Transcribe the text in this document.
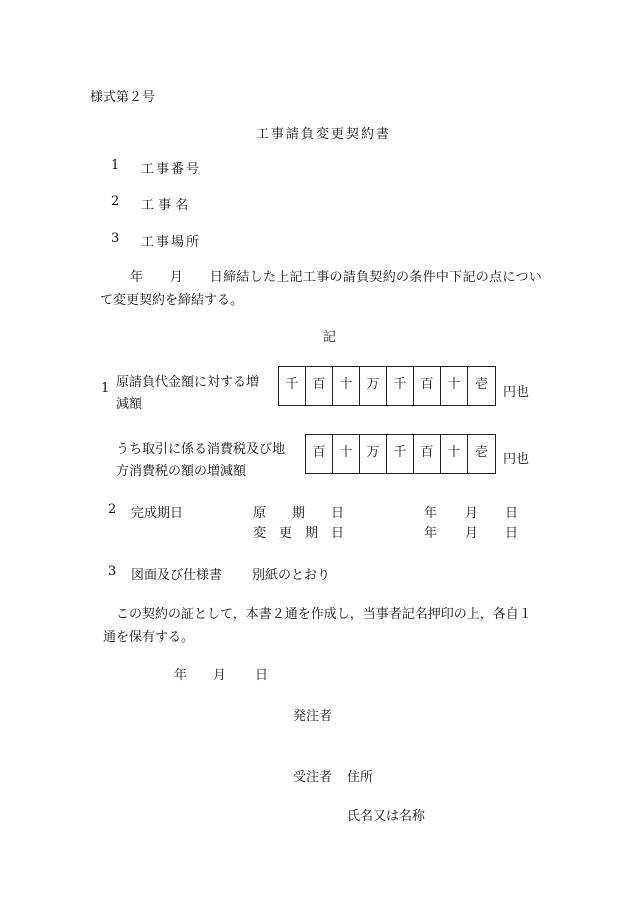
様式第２号
工事請負変更契約書
1 工事番号
2 工 事 名
3 工事場所
年　　月　　日締結した上記工事の請負契約の条件中下記の点につい
て変更契約を締結する。
記
1 原請負代金額に対する増
減額
千	百	十	万	千	百	十	壱
円也
うち取引に係る消費税及び地
方消費税の額の増減額
百	十	万	千	百	十	壱	円也
2 完成期日	原　　期　　日	年 月 日
変　更　期　日	年 月 日
3 図面及び仕様書 別紙のとおり
この契約の証として，本書２通を作成し，当事者記名押印の上，各自１
通を保有する。
年 月 日
発注者
受注者 住所
氏名又は名称
